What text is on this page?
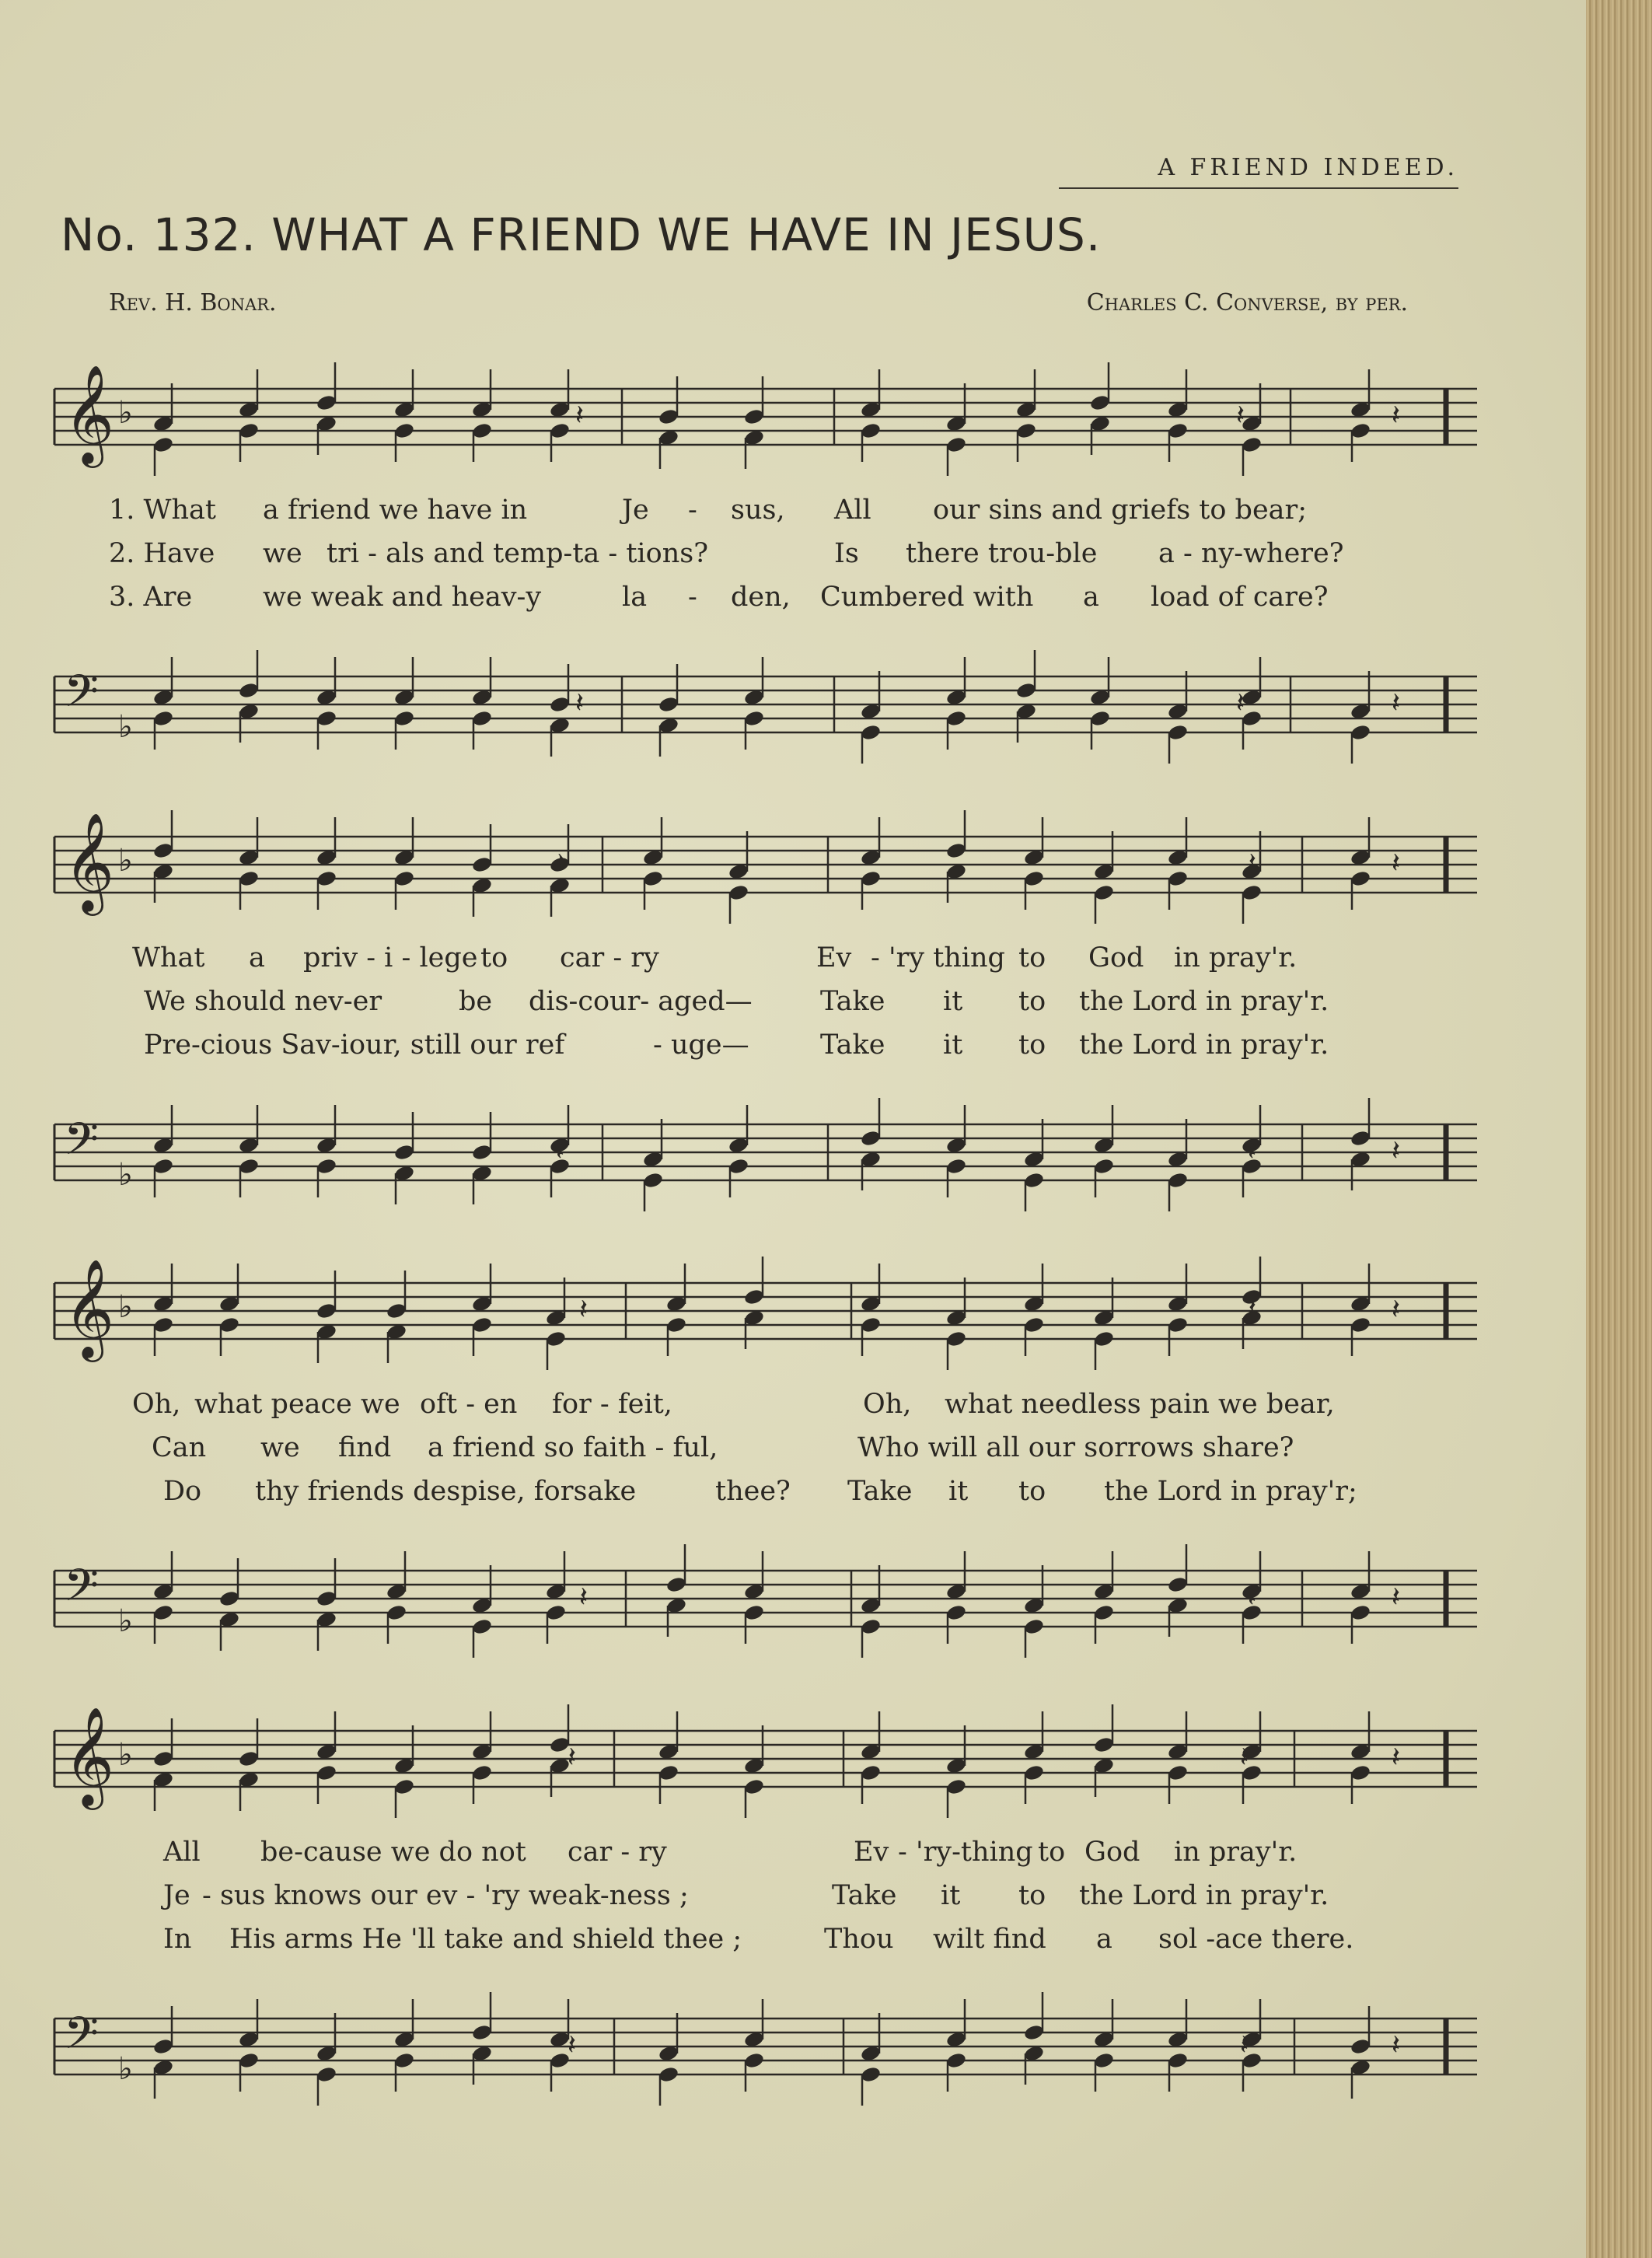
A FRIEND INDEED.
No. 132. WHAT A FRIEND WE HAVE IN JESUS.
Rev. H. Bonar.	Charles C. Converse, by per.
𝄞 ♭	𝄽	𝄽	𝄽
1. What a friend we have in	Je - sus, All our sins and griefs to bear;
2. Have we tri - als and temp-ta - tions?	Is there trou-ble a - ny-where?
3. Are	we weak and heav-y	la - den, Cumbered with a load of care?
𝄢 ♭
𝄽	𝄽	𝄽
𝄞 ♭	𝄽	𝄽	𝄽
What a priv - i - lege to car - ry	Ev - 'ry thing to God in pray'r.
We should nev-er	be dis-cour- aged— Take it to the Lord in pray'r.
Pre-cious Sav-iour, still our ref	- uge—	Take it to the Lord in pray'r.
𝄢 ♭
𝄽	𝄽	𝄽
𝄞 ♭	𝄽	𝄽	𝄽
Oh, what peace we oft - en for - feit,	Oh, what needless pain we bear,
Can we find a friend so faith - ful,	Who will all our sorrows share?
Do thy friends despise, forsake	thee? Take it to the Lord in pray'r;
𝄢 ♭
𝄽	𝄽	𝄽
𝄞 ♭	𝄽	𝄽	𝄽
All be-cause we do not car - ry	Ev - 'ry-thing to God in pray'r.
Je - sus knows our ev - 'ry weak-ness ;	Take it to the Lord in pray'r.
In His arms He 'll take and shield thee ;	Thou wilt find a sol -ace there.
𝄢 ♭
𝄽	𝄽	𝄽
